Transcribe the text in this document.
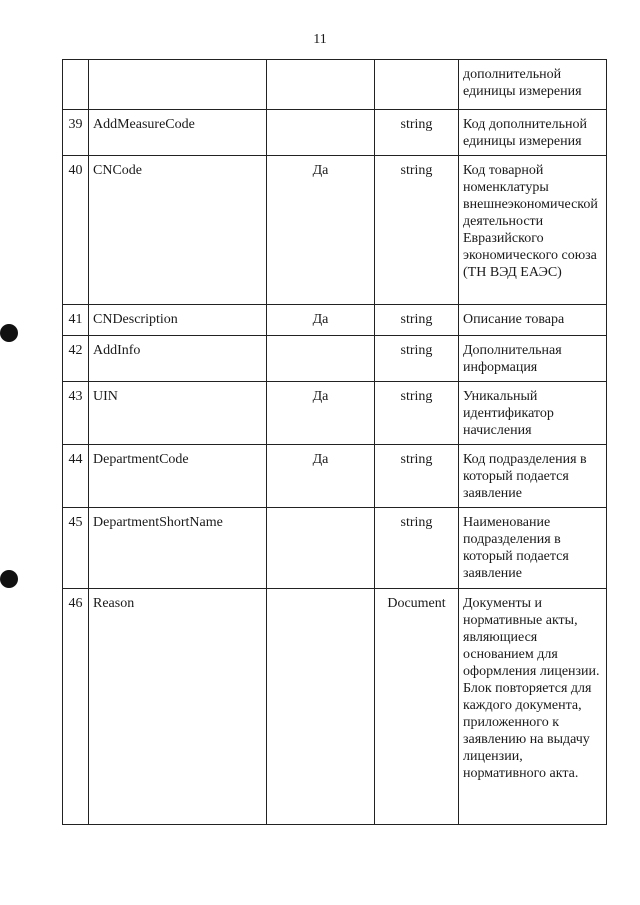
11
				дополнительной единицы измерения
39	AddMeasureCode		string	Код дополнительной единицы измерения
40	CNCode	Да	string	Код товарной номенклатуры внешнеэкономической деятельности Евразийского экономического союза (ТН ВЭД ЕАЭС)
41	CNDescription	Да	string	Описание товара
42	AddInfo		string	Дополнительная информация
43	UIN	Да	string	Уникальный идентификатор начисления
44	DepartmentCode	Да	string	Код подразделения в который подается заявление
45	DepartmentShortName		string	Наименование подразделения в который подается заявление
46	Reason		Document	Документы и нормативные акты, являющиеся основанием для оформления лицензии. Блок повторяется для каждого документа, приложенного к заявлению на выдачу лицензии, нормативного акта.
